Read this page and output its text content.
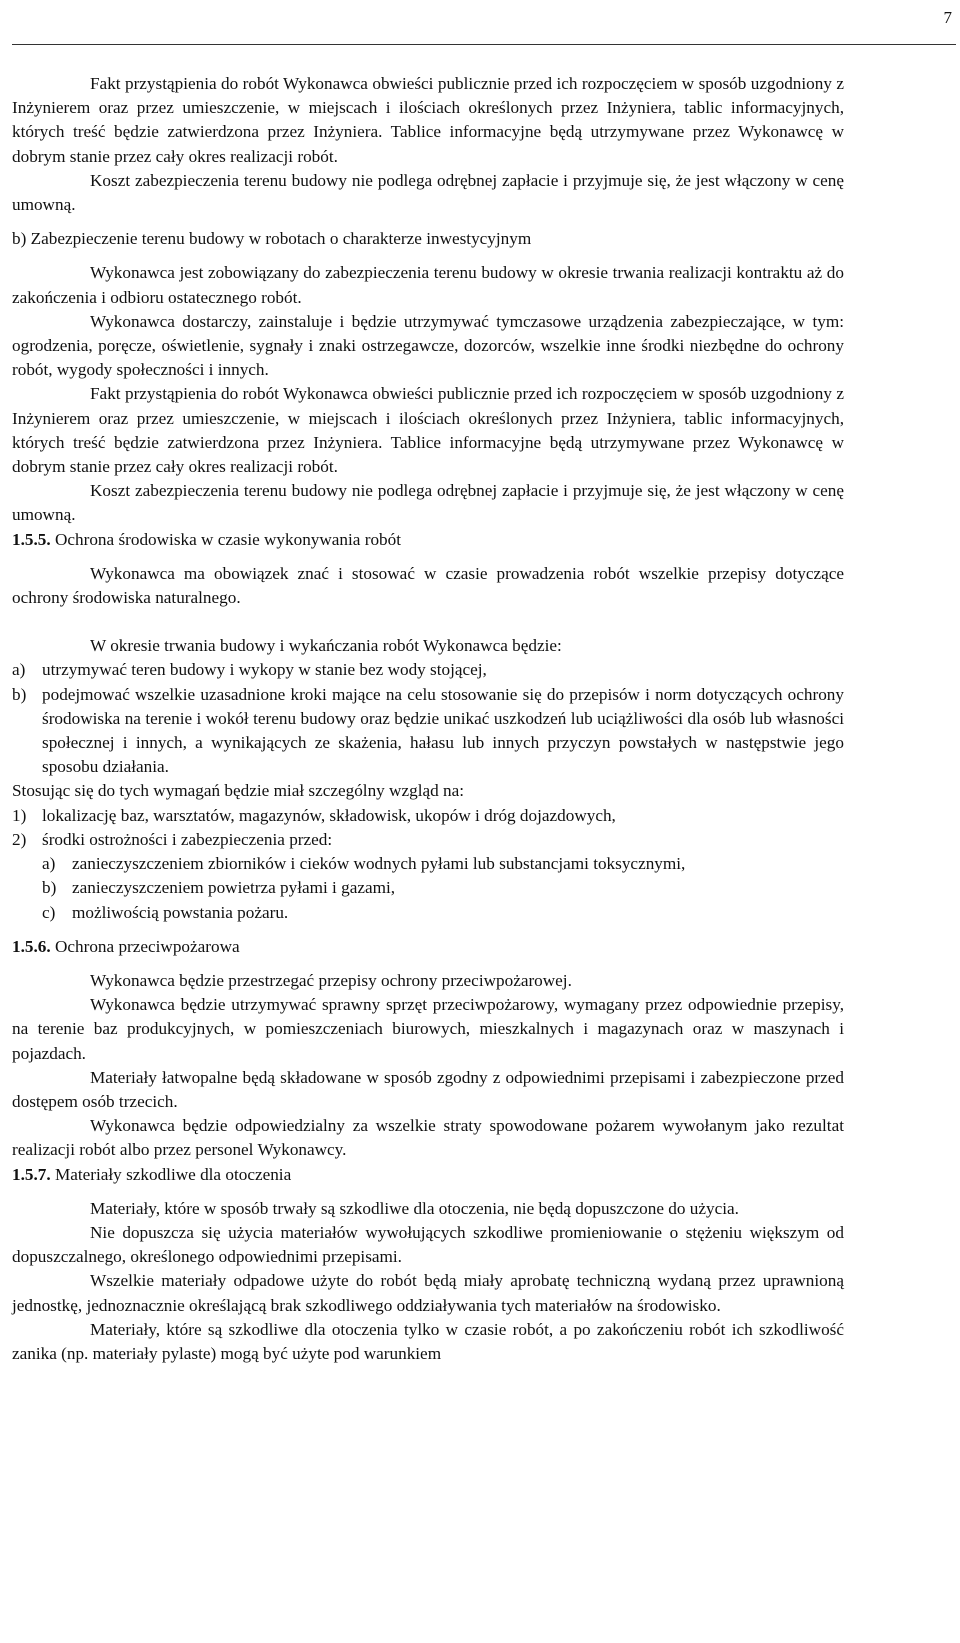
7

Fakt przystąpienia do robót Wykonawca obwieści publicznie przed ich rozpoczęciem w sposób uzgodniony z Inżynierem oraz przez umieszczenie, w miejscach i ilościach określonych przez Inżyniera, tablic informacyjnych, których treść będzie zatwierdzona przez Inżyniera. Tablice informacyjne będą utrzymywane przez Wykonawcę w dobrym stanie przez cały okres realizacji robót.

Koszt zabezpieczenia terenu budowy nie podlega odrębnej zapłacie i przyjmuje się, że jest włączony w cenę umowną.

b) Zabezpieczenie terenu budowy w robotach o charakterze inwestycyjnym

Wykonawca jest zobowiązany do zabezpieczenia terenu budowy w okresie trwania realizacji kontraktu aż do zakończenia i odbioru ostatecznego robót.

Wykonawca dostarczy, zainstaluje i będzie utrzymywać tymczasowe urządzenia zabezpieczające, w tym: ogrodzenia, poręcze, oświetlenie, sygnały i znaki ostrzegawcze, dozorców, wszelkie inne środki niezbędne do ochrony robót, wygody społeczności i innych.

Fakt przystąpienia do robót Wykonawca obwieści publicznie przed ich rozpoczęciem w sposób uzgodniony z Inżynierem oraz przez umieszczenie, w miejscach i ilościach określonych przez Inżyniera, tablic informacyjnych, których treść będzie zatwierdzona przez Inżyniera. Tablice informacyjne będą utrzymywane przez Wykonawcę w dobrym stanie przez cały okres realizacji robót.

Koszt zabezpieczenia terenu budowy nie podlega odrębnej zapłacie i przyjmuje się, że jest włączony w cenę umowną.

1.5.5. Ochrona środowiska w czasie wykonywania robót

Wykonawca ma obowiązek znać i stosować w czasie prowadzenia robót wszelkie przepisy dotyczące ochrony środowiska naturalnego.

W okresie trwania budowy i wykańczania robót Wykonawca będzie:

a) utrzymywać teren budowy i wykopy w stanie bez wody stojącej,
b) podejmować wszelkie uzasadnione kroki mające na celu stosowanie się do przepisów i norm dotyczących ochrony środowiska na terenie i wokół terenu budowy oraz będzie unikać uszkodzeń lub uciążliwości dla osób lub własności społecznej i innych, a wynikających ze skażenia, hałasu lub innych przyczyn powstałych w następstwie jego sposobu działania.

Stosując się do tych wymagań będzie miał szczególny wzgląd na:

1) lokalizację baz, warsztatów, magazynów, składowisk, ukopów i dróg dojazdowych,
2) środki ostrożności i zabezpieczenia przed:
a) zanieczyszczeniem zbiorników i cieków wodnych pyłami lub substancjami toksycznymi,
b) zanieczyszczeniem powietrza pyłami i gazami,
c) możliwością powstania pożaru.
1.5.6. Ochrona przeciwpożarowa

Wykonawca będzie przestrzegać przepisy ochrony przeciwpożarowej.

Wykonawca będzie utrzymywać sprawny sprzęt przeciwpożarowy, wymagany przez odpowiednie przepisy, na terenie baz produkcyjnych, w pomieszczeniach biurowych, mieszkalnych i magazynach oraz w maszynach i pojazdach.

Materiały łatwopalne będą składowane w sposób zgodny z odpowiednimi przepisami i zabezpieczone przed dostępem osób trzecich.

Wykonawca będzie odpowiedzialny za wszelkie straty spowodowane pożarem wywołanym jako rezultat realizacji robót albo przez personel Wykonawcy.

1.5.7. Materiały szkodliwe dla otoczenia

Materiały, które w sposób trwały są szkodliwe dla otoczenia, nie będą dopuszczone do użycia.

Nie dopuszcza się użycia materiałów wywołujących szkodliwe promieniowanie o stężeniu większym od dopuszczalnego, określonego odpowiednimi przepisami.

Wszelkie materiały odpadowe użyte do robót będą miały aprobatę techniczną wydaną przez uprawnioną jednostkę, jednoznacznie określającą brak szkodliwego oddziaływania tych materiałów na środowisko.

Materiały, które są szkodliwe dla otoczenia tylko w czasie robót, a po zakończeniu robót ich szkodliwość zanika (np. materiały pylaste) mogą być użyte pod warunkiem
